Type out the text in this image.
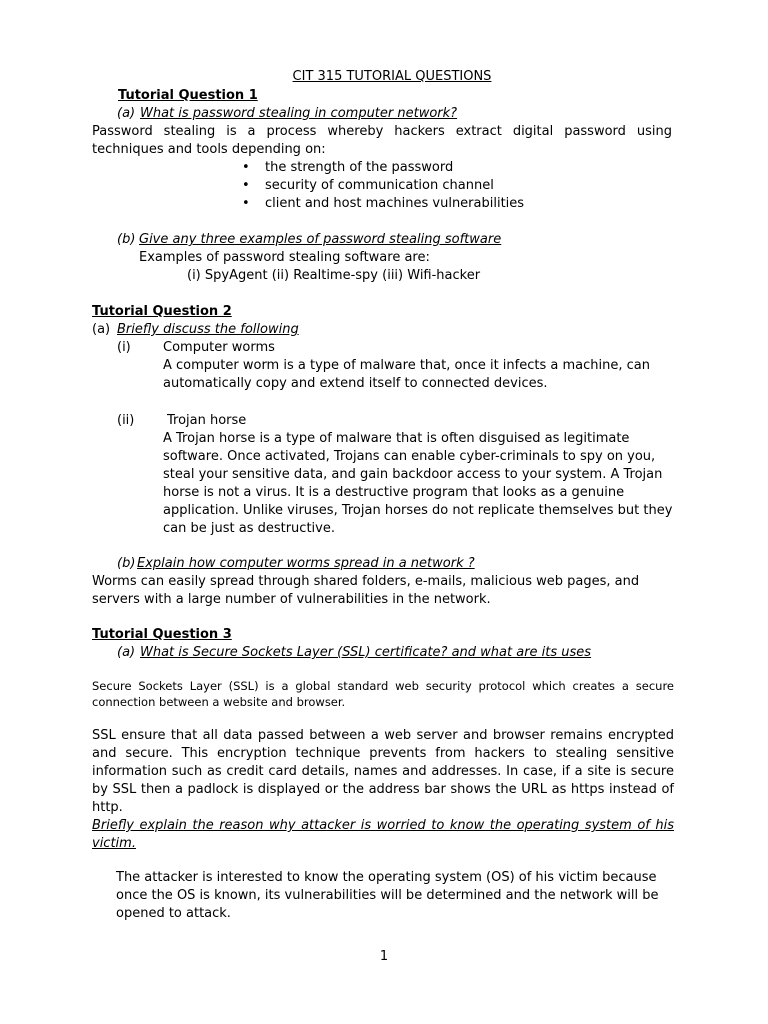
CIT 315 TUTORIAL QUESTIONS
Tutorial Question 1
(a) What is password stealing in computer network?
Password stealing is a process whereby hackers extract digital password using techniques and tools depending on:
• the strength of the password
• security of communication channel
• client and host machines vulnerabilities
(b) Give any three examples of password stealing software
Examples of password stealing software are:
(i) SpyAgent (ii) Realtime-spy (iii) Wifi-hacker
Tutorial Question 2
(a) Briefly discuss the following
(i) Computer worms
A computer worm is a type of malware that, once it infects a machine, can automatically copy and extend itself to connected devices.
(ii)	Trojan horse
A Trojan horse is a type of malware that is often disguised as legitimate software. Once activated, Trojans can enable cyber-criminals to spy on you, steal your sensitive data, and gain backdoor access to your system. A Trojan horse is not a virus. It is a destructive program that looks as a genuine application. Unlike viruses, Trojan horses do not replicate themselves but they can be just as destructive.
(b) Explain how computer worms spread in a network ?
Worms can easily spread through shared folders, e-mails, malicious web pages, and servers with a large number of vulnerabilities in the network.
Tutorial Question 3
(a) What is Secure Sockets Layer (SSL) certificate? and what are its uses
Secure Sockets Layer (SSL) is a global standard web security protocol which creates a secure connection between a website and browser.
SSL ensure that all data passed between a web server and browser remains encrypted and secure. This encryption technique prevents from hackers to stealing sensitive information such as credit card details, names and addresses. In case, if a site is secure by SSL then a padlock is displayed or the address bar shows the URL as https instead of http.
Briefly explain the reason why attacker is worried to know the operating system of his victim.
The attacker is interested to know the operating system (OS) of his victim because once the OS is known, its vulnerabilities will be determined and the network will be opened to attack.
1
